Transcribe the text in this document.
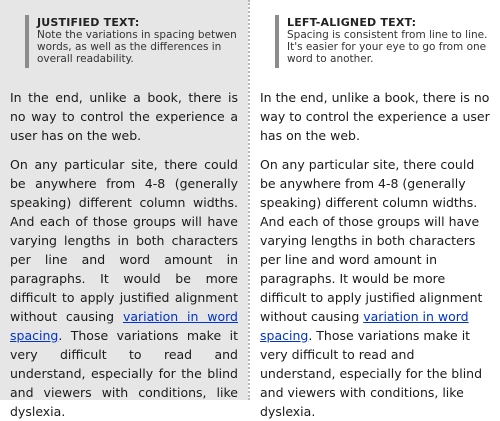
JUSTIFIED TEXT:
Note the variations in spacing betwen words, as well as the differences in overall readability.

In the end, unlike a book, there is no way to control the experience a user has on the web.

On any particular site, there could be anywhere from 4-8 (generally speaking) different column widths. And each of those groups will have varying lengths in both characters per line and word amount in paragraphs. It would be more difficult to apply justified alignment without causing variation in word spacing. Those variations make it very difficult to read and understand, especially for the blind and viewers with conditions, like dyslexia.

LEFT-ALIGNED TEXT:
Spacing is consistent from line to line. It's easier for your eye to go from one word to another.

In the end, unlike a book, there is no way to control the experience a user has on the web.

On any particular site, there could be anywhere from 4-8 (generally speaking) different column widths. And each of those groups will have varying lengths in both characters per line and word amount in paragraphs. It would be more difficult to apply justified alignment without causing variation in word spacing. Those variations make it very difficult to read and understand, especially for the blind and viewers with conditions, like dyslexia.
